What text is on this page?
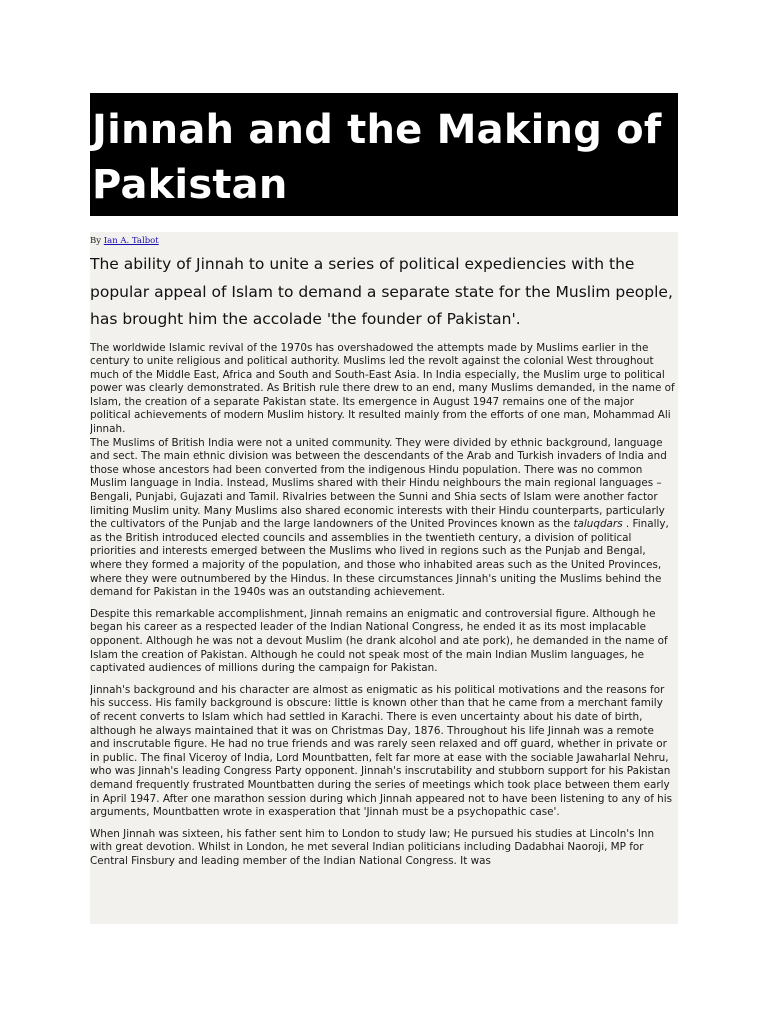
Jinnah and the Making of Pakistan
By Ian A. Talbot

The ability of Jinnah to unite a series of political expediencies with the popular appeal of Islam to demand a separate state for the Muslim people, has brought him the accolade 'the founder of Pakistan'.

The worldwide Islamic revival of the 1970s has overshadowed the attempts made by Muslims earlier in the century to unite religious and political authority. Muslims led the revolt against the colonial West throughout much of the Middle East, Africa and South and South-East Asia. In India especially, the Muslim urge to political power was clearly demonstrated. As British rule there drew to an end, many Muslims demanded, in the name of Islam, the creation of a separate Pakistan state. Its emergence in August 1947 remains one of the major political achievements of modern Muslim history. It resulted mainly from the efforts of one man, Mohammad Ali Jinnah.

The Muslims of British India were not a united community. They were divided by ethnic background, language and sect. The main ethnic division was between the descendants of the Arab and Turkish invaders of India and those whose ancestors had been converted from the indigenous Hindu population. There was no common Muslim language in India. Instead, Muslims shared with their Hindu neighbours the main regional languages – Bengali, Punjabi, Gujazati and Tamil. Rivalries between the Sunni and Shia sects of Islam were another factor limiting Muslim unity. Many Muslims also shared economic interests with their Hindu counterparts, particularly the cultivators of the Punjab and the large landowners of the United Provinces known as the taluqdars . Finally, as the British introduced elected councils and assemblies in the twentieth century, a division of political priorities and interests emerged between the Muslims who lived in regions such as the Punjab and Bengal, where they formed a majority of the population, and those who inhabited areas such as the United Provinces, where they were outnumbered by the Hindus. In these circumstances Jinnah's uniting the Muslims behind the demand for Pakistan in the 1940s was an outstanding achievement.

Despite this remarkable accomplishment, Jinnah remains an enigmatic and controversial figure. Although he began his career as a respected leader of the Indian National Congress, he ended it as its most implacable opponent. Although he was not a devout Muslim (he drank alcohol and ate pork), he demanded in the name of Islam the creation of Pakistan. Although he could not speak most of the main Indian Muslim languages, he captivated audiences of millions during the campaign for Pakistan.

Jinnah's background and his character are almost as enigmatic as his political motivations and the reasons for his success. His family background is obscure: little is known other than that he came from a merchant family of recent converts to Islam which had settled in Karachi. There is even uncertainty about his date of birth, although he always maintained that it was on Christmas Day, 1876. Throughout his life Jinnah was a remote and inscrutable figure. He had no true friends and was rarely seen relaxed and off guard, whether in private or in public. The final Viceroy of India, Lord Mountbatten, felt far more at ease with the sociable Jawaharlal Nehru, who was Jinnah's leading Congress Party opponent. Jinnah's inscrutability and stubborn support for his Pakistan demand frequently frustrated Mountbatten during the series of meetings which took place between them early in April 1947. After one marathon session during which Jinnah appeared not to have been listening to any of his arguments, Mountbatten wrote in exasperation that 'Jinnah must be a psychopathic case'.

When Jinnah was sixteen, his father sent him to London to study law; He pursued his studies at Lincoln's Inn with great devotion. Whilst in London, he met several Indian politicians including Dadabhai Naoroji, MP for Central Finsbury and leading member of the Indian National Congress. It was
